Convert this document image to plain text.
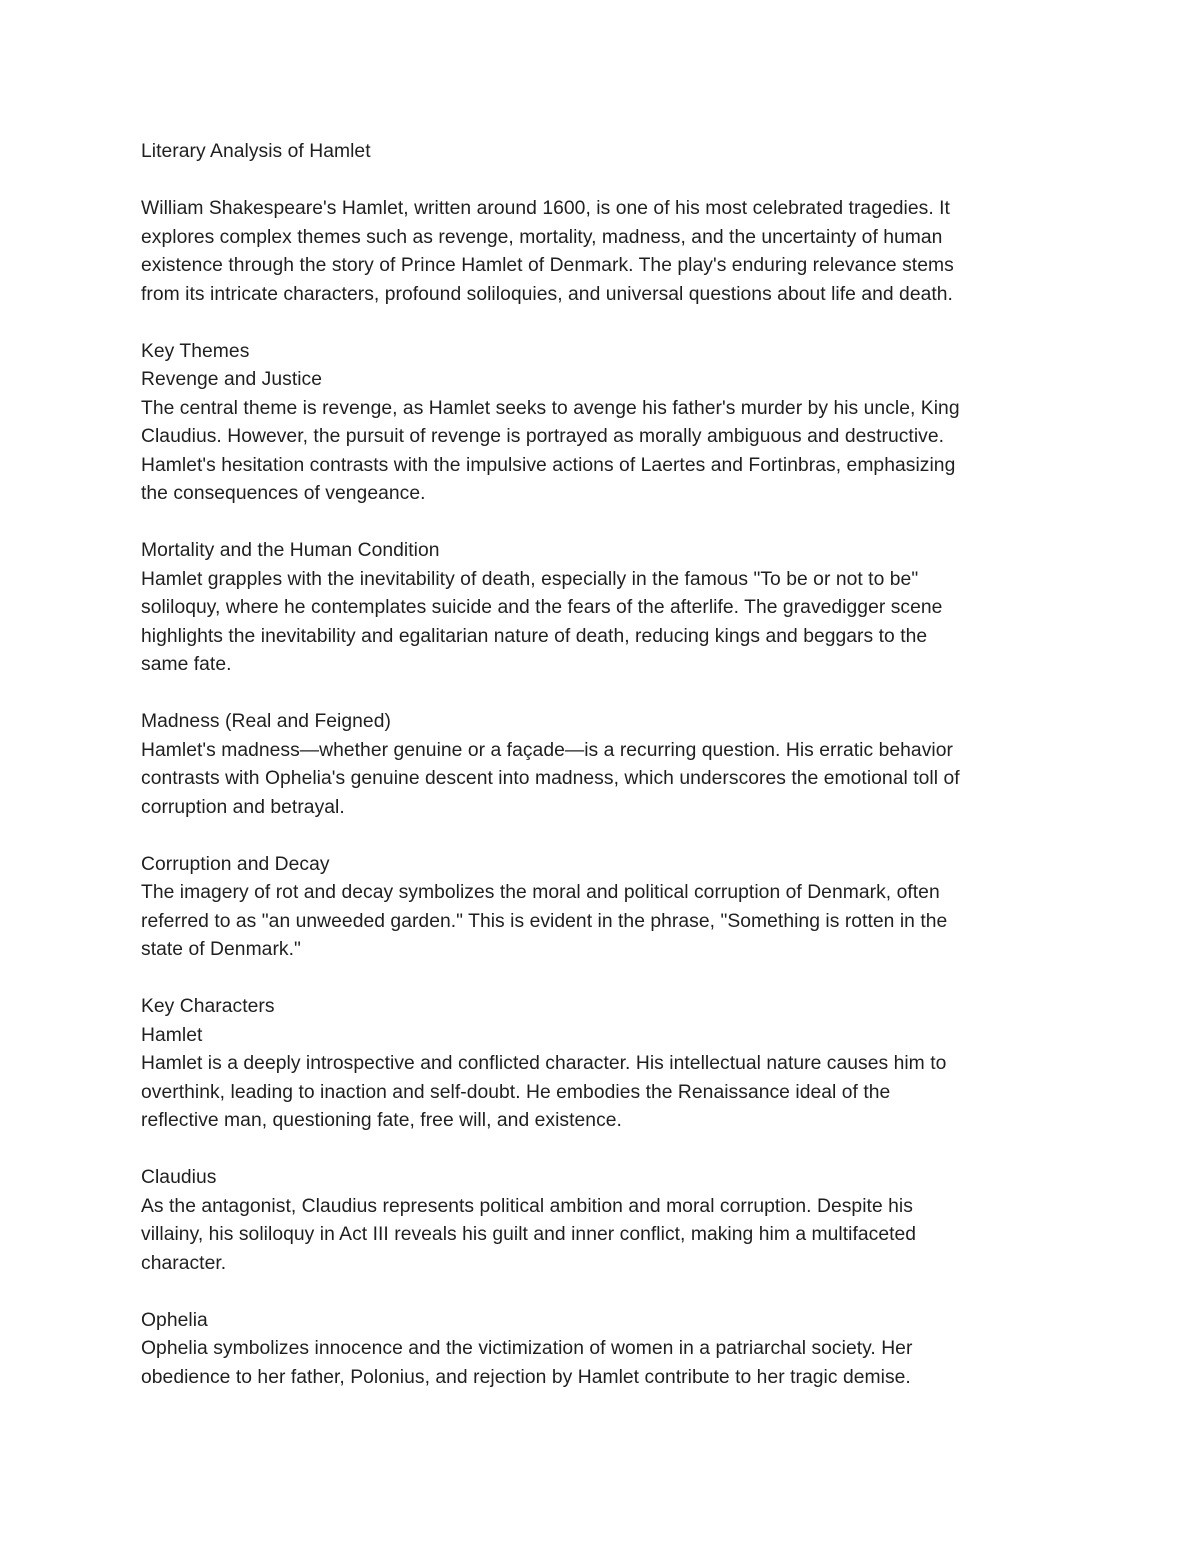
Literary Analysis of Hamlet
William Shakespeare's Hamlet, written around 1600, is one of his most celebrated tragedies. It
explores complex themes such as revenge, mortality, madness, and the uncertainty of human
existence through the story of Prince Hamlet of Denmark. The play's enduring relevance stems
from its intricate characters, profound soliloquies, and universal questions about life and death.
Key Themes
Revenge and Justice
The central theme is revenge, as Hamlet seeks to avenge his father's murder by his uncle, King
Claudius. However, the pursuit of revenge is portrayed as morally ambiguous and destructive.
Hamlet's hesitation contrasts with the impulsive actions of Laertes and Fortinbras, emphasizing
the consequences of vengeance.
Mortality and the Human Condition
Hamlet grapples with the inevitability of death, especially in the famous "To be or not to be"
soliloquy, where he contemplates suicide and the fears of the afterlife. The gravedigger scene
highlights the inevitability and egalitarian nature of death, reducing kings and beggars to the
same fate.
Madness (Real and Feigned)
Hamlet's madness—whether genuine or a façade—is a recurring question. His erratic behavior
contrasts with Ophelia's genuine descent into madness, which underscores the emotional toll of
corruption and betrayal.
Corruption and Decay
The imagery of rot and decay symbolizes the moral and political corruption of Denmark, often
referred to as "an unweeded garden." This is evident in the phrase, "Something is rotten in the
state of Denmark."
Key Characters
Hamlet
Hamlet is a deeply introspective and conflicted character. His intellectual nature causes him to
overthink, leading to inaction and self-doubt. He embodies the Renaissance ideal of the
reflective man, questioning fate, free will, and existence.
Claudius
As the antagonist, Claudius represents political ambition and moral corruption. Despite his
villainy, his soliloquy in Act III reveals his guilt and inner conflict, making him a multifaceted
character.
Ophelia
Ophelia symbolizes innocence and the victimization of women in a patriarchal society. Her
obedience to her father, Polonius, and rejection by Hamlet contribute to her tragic demise.
